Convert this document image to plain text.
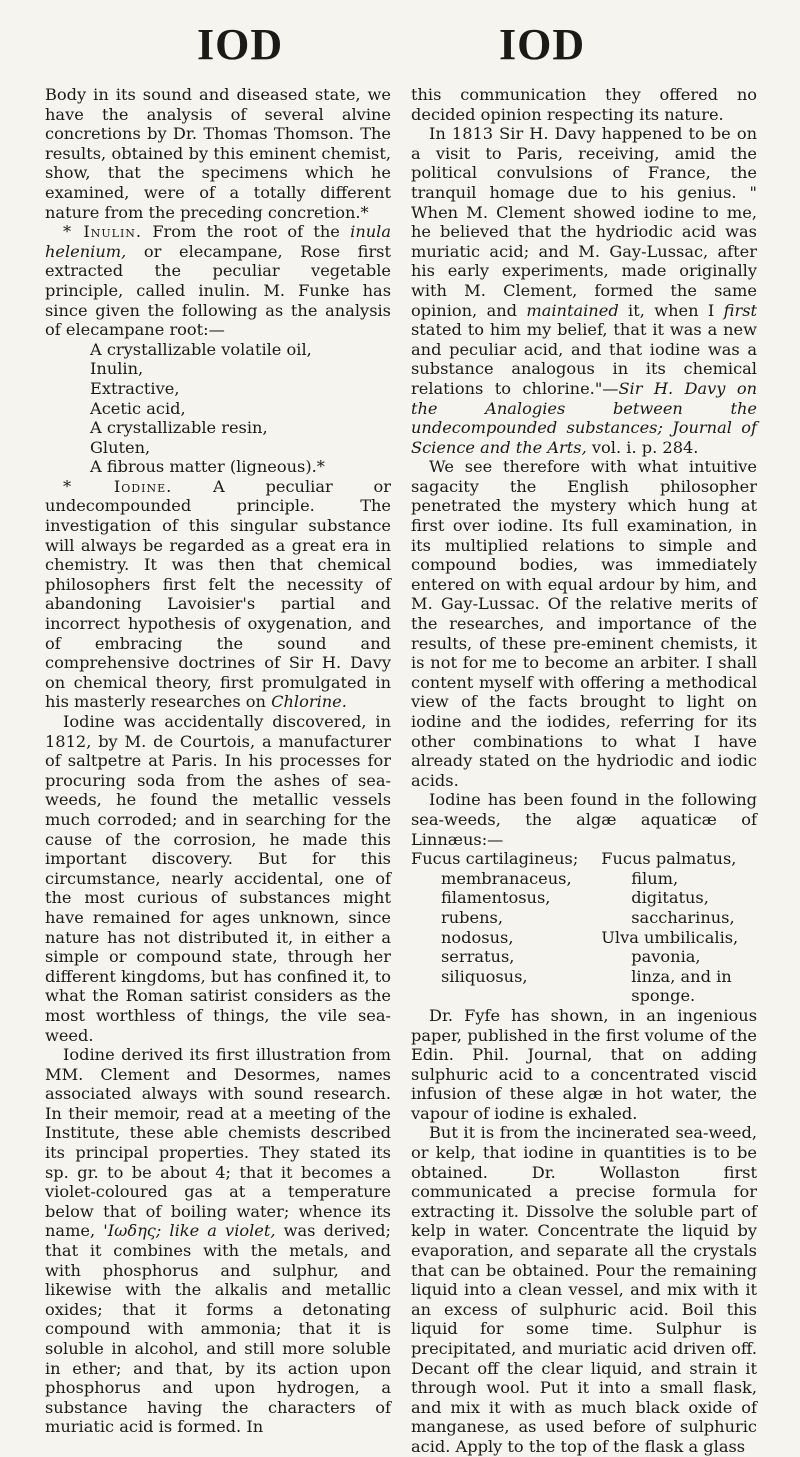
IOD	IOD

Body in its sound and diseased state, we have the analysis of several alvine concretions by Dr. Thomas Thomson. The results, obtained by this eminent chemist, show, that the specimens which he examined, were of a totally different nature from the preceding concretion.*

* Inulin. From the root of the inula helenium, or elecampane, Rose first extracted the peculiar vegetable principle, called inulin. M. Funke has since given the following as the analysis of elecampane root:—

A crystallizable volatile oil,
Inulin,
Extractive,
Acetic acid,
A crystallizable resin,
Gluten,
A fibrous matter (ligneous).*

* Iodine. A peculiar or undecompounded principle. The investigation of this singular substance will always be regarded as a great era in chemistry. It was then that chemical philosophers first felt the necessity of abandoning Lavoisier's partial and incorrect hypothesis of oxygenation, and of embracing the sound and comprehensive doctrines of Sir H. Davy on chemical theory, first promulgated in his masterly researches on Chlorine.

Iodine was accidentally discovered, in 1812, by M. de Courtois, a manufacturer of saltpetre at Paris. In his processes for procuring soda from the ashes of sea-weeds, he found the metallic vessels much corroded; and in searching for the cause of the corrosion, he made this important discovery. But for this circumstance, nearly accidental, one of the most curious of substances might have remained for ages unknown, since nature has not distributed it, in either a simple or compound state, through her different kingdoms, but has confined it, to what the Roman satirist considers as the most worthless of things, the vile sea-weed.

Iodine derived its first illustration from MM. Clement and Desormes, names associated always with sound research. In their memoir, read at a meeting of the Institute, these able chemists described its principal properties. They stated its sp. gr. to be about 4; that it becomes a violet-coloured gas at a temperature below that of boiling water; whence its name, 'Ιωδης; like a violet, was derived; that it combines with the metals, and with phosphorus and sulphur, and likewise with the alkalis and metallic oxides; that it forms a detonating compound with ammonia; that it is soluble in alcohol, and still more soluble in ether; and that, by its action upon phosphorus and upon hydrogen, a substance having the characters of muriatic acid is formed. In

this communication they offered no decided opinion respecting its nature.

In 1813 Sir H. Davy happened to be on a visit to Paris, receiving, amid the political convulsions of France, the tranquil homage due to his genius. " When M. Clement showed iodine to me, he believed that the hydriodic acid was muriatic acid; and M. Gay-Lussac, after his early experiments, made originally with M. Clement, formed the same opinion, and maintained it, when I first stated to him my belief, that it was a new and peculiar acid, and that iodine was a substance analogous in its chemical relations to chlorine."—Sir H. Davy on the Analogies between the undecompounded substances; Journal of Science and the Arts, vol. i. p. 284.

We see therefore with what intuitive sagacity the English philosopher penetrated the mystery which hung at first over iodine. Its full examination, in its multiplied relations to simple and compound bodies, was immediately entered on with equal ardour by him, and M. Gay-Lussac. Of the relative merits of the researches, and importance of the results, of these pre-eminent chemists, it is not for me to become an arbiter. I shall content myself with offering a methodical view of the facts brought to light on iodine and the iodides, referring for its other combinations to what I have already stated on the hydriodic and iodic acids.

Iodine has been found in the following sea-weeds, the algæ aquaticæ of Linnæus:—

Fucus cartilagineus;	Fucus palmatus,
membranaceus,	filum,
filamentosus,	digitatus,
rubens,	saccharinus,
nodosus,	Ulva umbilicalis,
serratus,	pavonia,
siliquosus,	linza, and in
	sponge.

Dr. Fyfe has shown, in an ingenious paper, published in the first volume of the Edin. Phil. Journal, that on adding sulphuric acid to a concentrated viscid infusion of these algæ in hot water, the vapour of iodine is exhaled.

But it is from the incinerated sea-weed, or kelp, that iodine in quantities is to be obtained. Dr. Wollaston first communicated a precise formula for extracting it. Dissolve the soluble part of kelp in water. Concentrate the liquid by evaporation, and separate all the crystals that can be obtained. Pour the remaining liquid into a clean vessel, and mix with it an excess of sulphuric acid. Boil this liquid for some time. Sulphur is precipitated, and muriatic acid driven off. Decant off the clear liquid, and strain it through wool. Put it into a small flask, and mix it with as much black oxide of manganese, as used before of sulphuric acid. Apply to the top of the flask a glass
